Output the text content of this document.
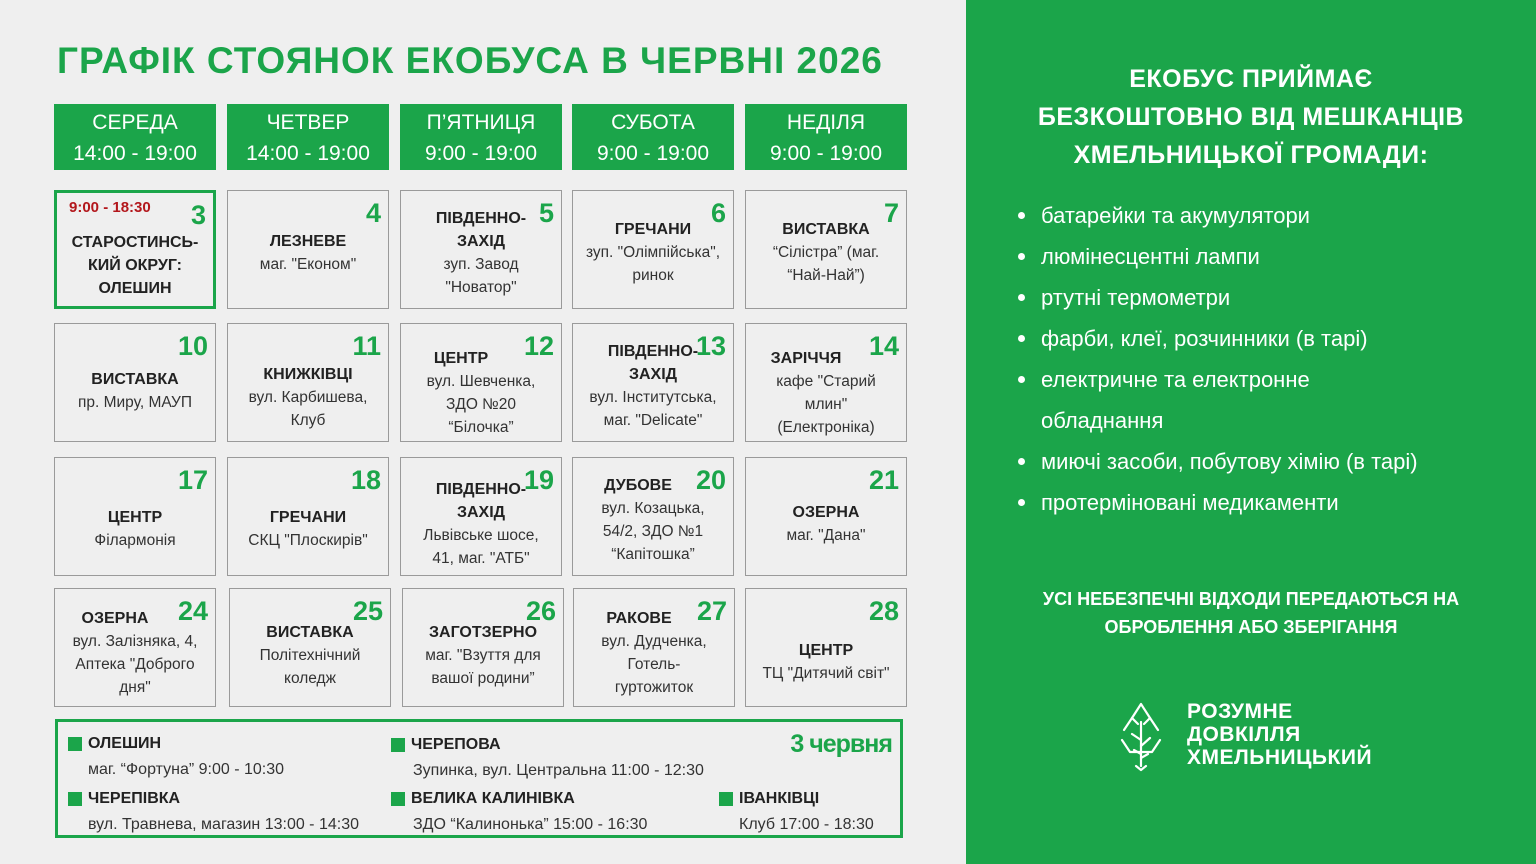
ГРАФІК СТОЯНОК ЕКОБУСА В ЧЕРВНІ 2026
СЕРЕДА
14:00 - 19:00
ЧЕТВЕР
14:00 - 19:00
П’ЯТНИЦЯ
9:00 - 19:00
СУБОТА
9:00 - 19:00
НЕДІЛЯ
9:00 - 19:00
9:00 - 18:30 3
СТАРОСТИНСЬ-КИЙ ОКРУГ: ОЛЕШИН
4
ЛЕЗНЕВЕ
маг. "Економ"
5
ПІВДЕННО-ЗАХІД
зуп. Завод "Новатор"
6
ГРЕЧАНИ
зуп. "Олімпійська", ринок
7
ВИСТАВКА
“Сілістра” (маг. “Най-Най”)
10
ВИСТАВКА
пр. Миру, МАУП
11
КНИЖКІВЦІ
вул. Карбишева, Клуб
12
ЦЕНТР
вул. Шевченка, ЗДО №20 “Білочка”
13
ПІВДЕННО-ЗАХІД
вул. Інститутська, маг. "Delicate"
14
ЗАРІЧЧЯ
кафе "Старий млин" (Електроніка)
17
ЦЕНТР
Філармонія
18
ГРЕЧАНИ
СКЦ "Плоскирів"
19
ПІВДЕННО-ЗАХІД
Львівське шосе, 41, маг. "АТБ"
20
ДУБОВЕ
вул. Козацька, 54/2, ЗДО №1 “Капітошка”
21
ОЗЕРНА
маг. "Дана"
24
ОЗЕРНА
вул. Залізняка, 4, Аптека "Доброго дня"
25
ВИСТАВКА
Політехнічний коледж
26
ЗАГОТЗЕРНО
маг. "Взуття для вашої родини”
27
РАКОВЕ
вул. Дудченка, Готель-гуртожиток
28
ЦЕНТР
ТЦ "Дитячий світ"
3 червня
ОЛЕШИН
маг. “Фортуна” 9:00 - 10:30
ЧЕРЕПОВА
Зупинка, вул. Центральна 11:00 - 12:30
ЧЕРЕПІВКА
вул. Травнева, магазин 13:00 - 14:30
ВЕЛИКА КАЛИНІВКА
ЗДО “Калинонька” 15:00 - 16:30
ІВАНКІВЦІ
Клуб 17:00 - 18:30
ЕКОБУС ПРИЙМАЄ
БЕЗКОШТОВНО ВІД МЕШКАНЦІВ
ХМЕЛЬНИЦЬКОЇ ГРОМАДИ:
батарейки та акумулятори
люмінесцентні лампи
ртутні термометри
фарби, клеї, розчинники (в тарі)
електричне та електронне обладнання
миючі засоби, побутову хімію (в тарі)
протерміновані медикаменти
УСІ НЕБЕЗПЕЧНІ ВІДХОДИ ПЕРЕДАЮТЬСЯ НА
ОБРОБЛЕННЯ АБО ЗБЕРІГАННЯ
РОЗУМНЕ
ДОВКІЛЛЯ
ХМЕЛЬНИЦЬКИЙ
